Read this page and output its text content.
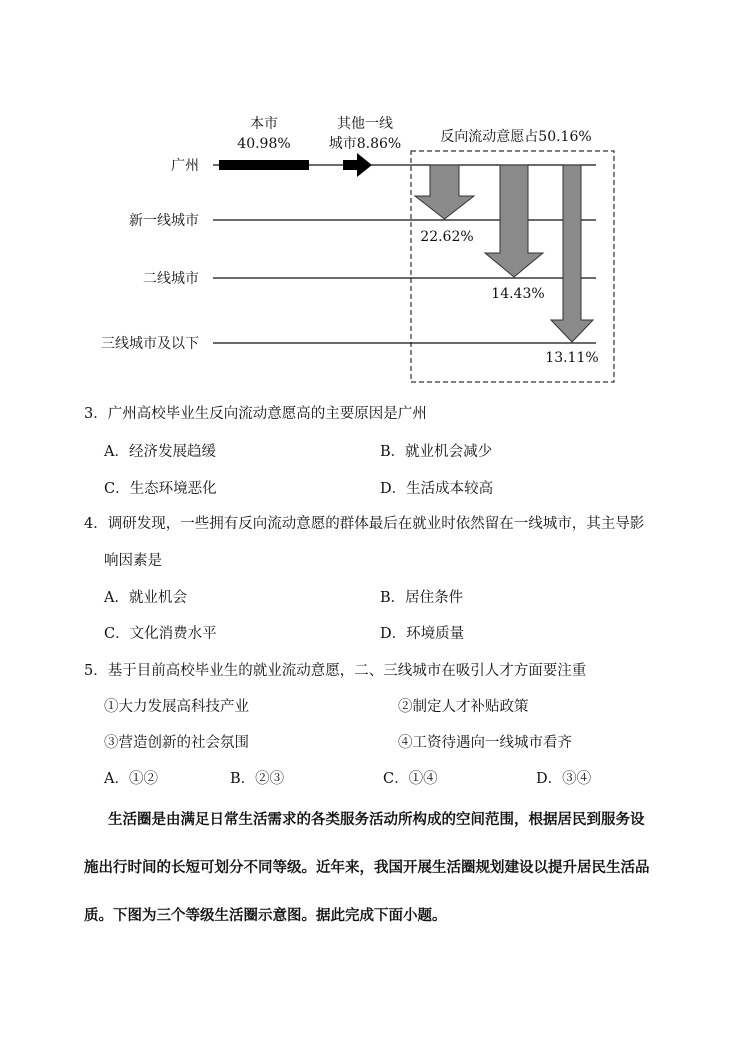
广州
新一线城市
二线城市
三线城市及以下
本市
40.98%
其他一线
城市8.86%	反向流动意愿占50.16%
22.62%
14.43%
13.11%
3．广州高校毕业生反向流动意愿高的主要原因是广州
A．经济发展趋缓	B．就业机会减少
C．生态环境恶化	D．生活成本较高
4．调研发现，一些拥有反向流动意愿的群体最后在就业时依然留在一线城市，其主导影
响因素是
A．就业机会	B．居住条件
C．文化消费水平	D．环境质量
5．基于目前高校毕业生的就业流动意愿，二、三线城市在吸引人才方面要注重
①大力发展高科技产业	②制定人才补贴政策
③营造创新的社会氛围	④工资待遇向一线城市看齐
A．①②	B．②③	C．①④	D．③④
生活圈是由满足日常生活需求的各类服务活动所构成的空间范围，根据居民到服务设
施出行时间的长短可划分不同等级。近年来，我国开展生活圈规划建设以提升居民生活品
质。下图为三个等级生活圈示意图。据此完成下面小题。
